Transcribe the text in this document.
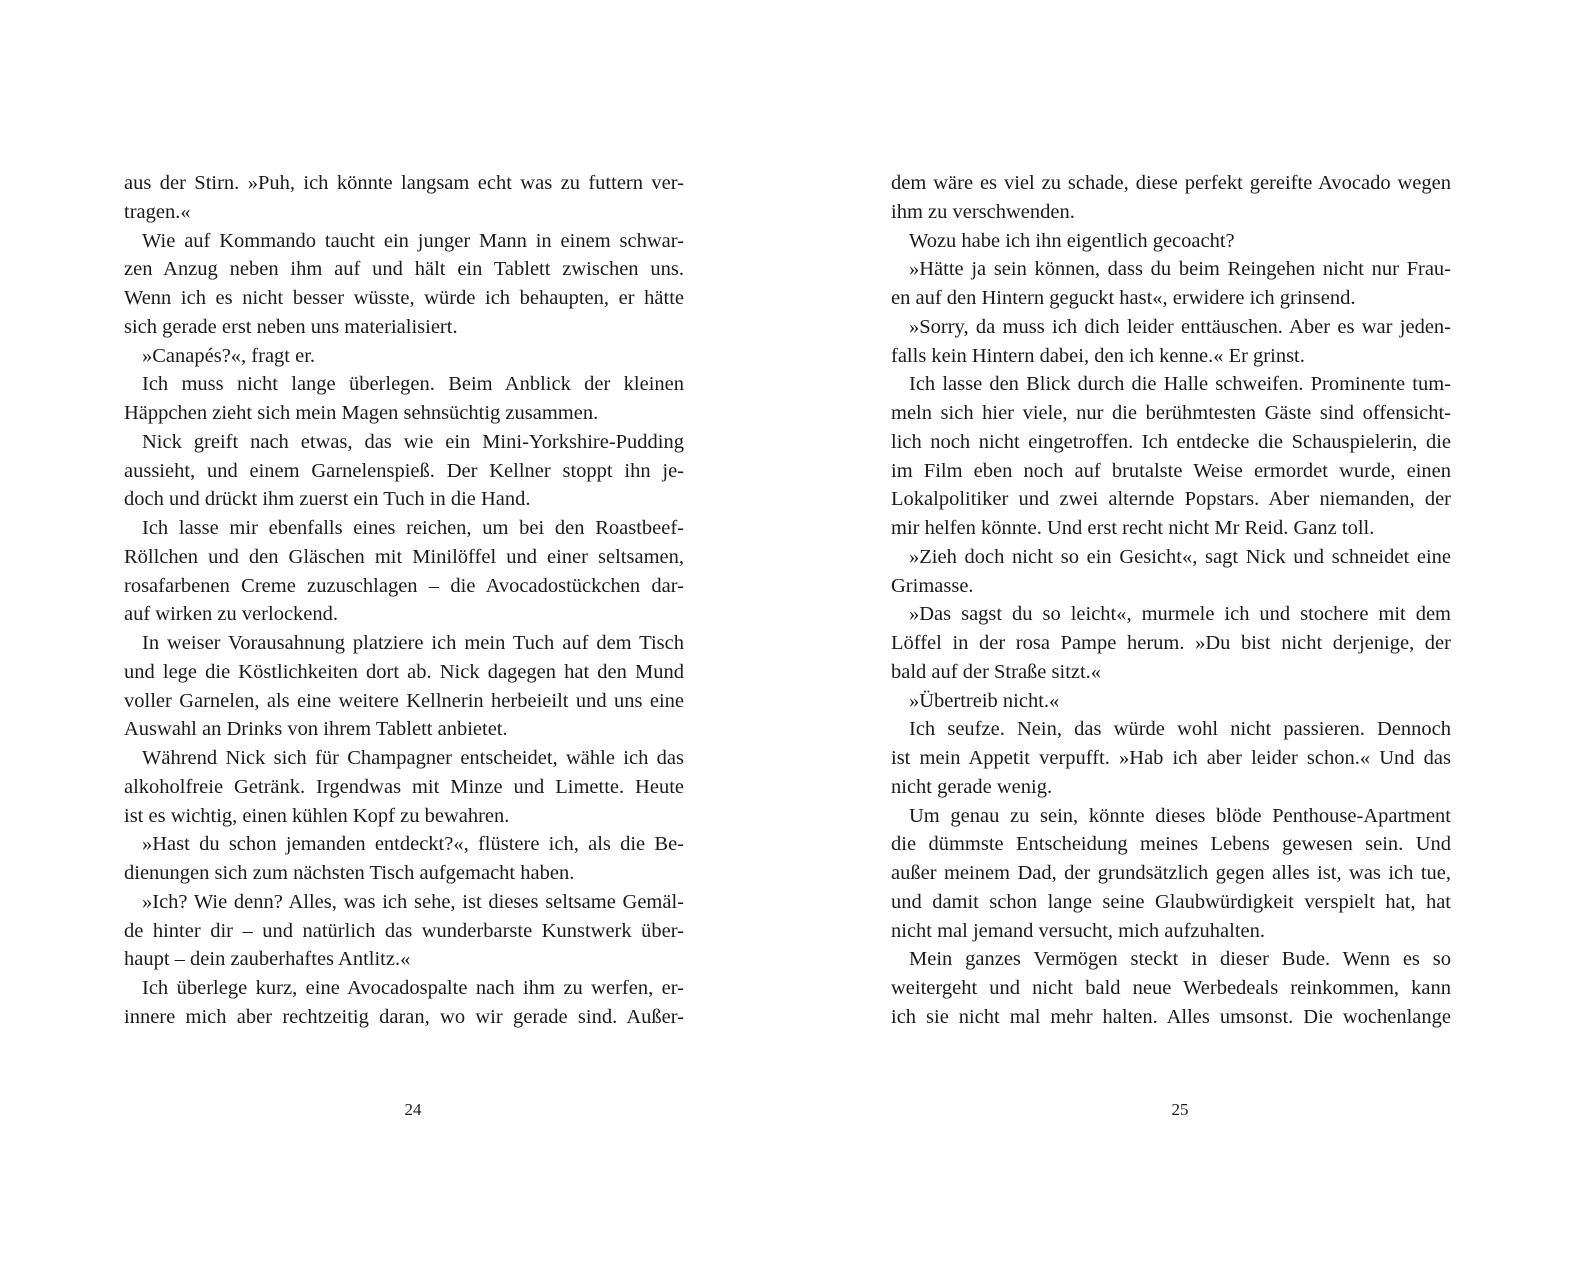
aus der Stirn. »Puh, ich könnte langsam echt was zu futtern ver-
tragen.«
Wie auf Kommando taucht ein junger Mann in einem schwar-
zen Anzug neben ihm auf und hält ein Tablett zwischen uns.
Wenn ich es nicht besser wüsste, würde ich behaupten, er hätte
sich gerade erst neben uns materialisiert.
»Canapés?«, fragt er.
Ich muss nicht lange überlegen. Beim Anblick der kleinen
Häppchen zieht sich mein Magen sehnsüchtig zusammen.
Nick greift nach etwas, das wie ein Mini-Yorkshire-Pudding
aussieht, und einem Garnelenspieß. Der Kellner stoppt ihn je-
doch und drückt ihm zuerst ein Tuch in die Hand.
Ich lasse mir ebenfalls eines reichen, um bei den Roastbeef-
Röllchen und den Gläschen mit Minilöffel und einer seltsamen,
rosafarbenen Creme zuzuschlagen – die Avocadostückchen dar-
auf wirken zu verlockend.
In weiser Vorausahnung platziere ich mein Tuch auf dem Tisch
und lege die Köstlichkeiten dort ab. Nick dagegen hat den Mund
voller Garnelen, als eine weitere Kellnerin herbeieilt und uns eine
Auswahl an Drinks von ihrem Tablett anbietet.
Während Nick sich für Champagner entscheidet, wähle ich das
alkoholfreie Getränk. Irgendwas mit Minze und Limette. Heute
ist es wichtig, einen kühlen Kopf zu bewahren.
»Hast du schon jemanden entdeckt?«, flüstere ich, als die Be-
dienungen sich zum nächsten Tisch aufgemacht haben.
»Ich? Wie denn? Alles, was ich sehe, ist dieses seltsame Gemäl-
de hinter dir – und natürlich das wunderbarste Kunstwerk über-
haupt – dein zauberhaftes Antlitz.«
Ich überlege kurz, eine Avocadospalte nach ihm zu werfen, er-
innere mich aber rechtzeitig daran, wo wir gerade sind. Außer-
24
dem wäre es viel zu schade, diese perfekt gereifte Avocado wegen
ihm zu verschwenden.
Wozu habe ich ihn eigentlich gecoacht?
»Hätte ja sein können, dass du beim Reingehen nicht nur Frau-
en auf den Hintern geguckt hast«, erwidere ich grinsend.
»Sorry, da muss ich dich leider enttäuschen. Aber es war jeden-
falls kein Hintern dabei, den ich kenne.« Er grinst.
Ich lasse den Blick durch die Halle schweifen. Prominente tum-
meln sich hier viele, nur die berühmtesten Gäste sind offensicht-
lich noch nicht eingetroffen. Ich entdecke die Schauspielerin, die
im Film eben noch auf brutalste Weise ermordet wurde, einen
Lokalpolitiker und zwei alternde Popstars. Aber niemanden, der
mir helfen könnte. Und erst recht nicht Mr Reid. Ganz toll.
»Zieh doch nicht so ein Gesicht«, sagt Nick und schneidet eine
Grimasse.
»Das sagst du so leicht«, murmele ich und stochere mit dem
Löffel in der rosa Pampe herum. »Du bist nicht derjenige, der
bald auf der Straße sitzt.«
»Übertreib nicht.«
Ich seufze. Nein, das würde wohl nicht passieren. Dennoch
ist mein Appetit verpufft. »Hab ich aber leider schon.« Und das
nicht gerade wenig.
Um genau zu sein, könnte dieses blöde Penthouse-Apartment
die dümmste Entscheidung meines Lebens gewesen sein. Und
außer meinem Dad, der grundsätzlich gegen alles ist, was ich tue,
und damit schon lange seine Glaubwürdigkeit verspielt hat, hat
nicht mal jemand versucht, mich aufzuhalten.
Mein ganzes Vermögen steckt in dieser Bude. Wenn es so
weitergeht und nicht bald neue Werbedeals reinkommen, kann
ich sie nicht mal mehr halten. Alles umsonst. Die wochenlange
25
